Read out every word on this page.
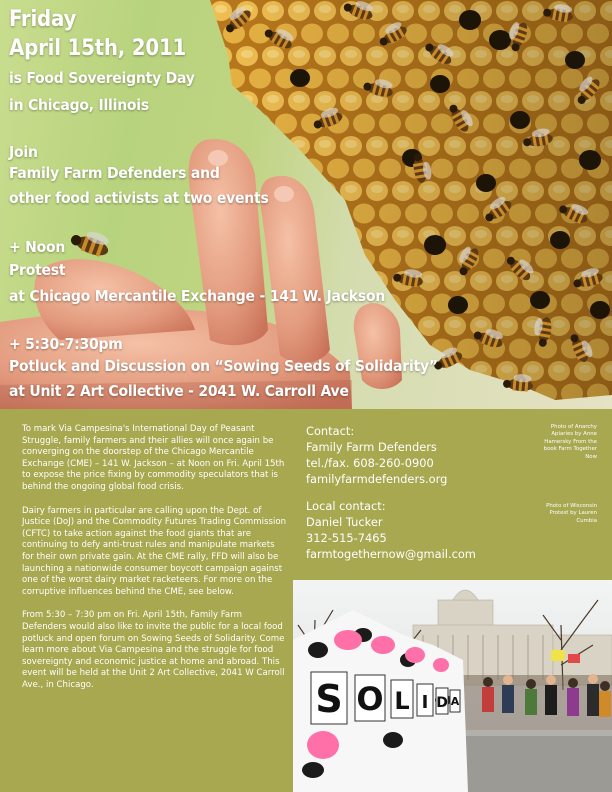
Friday
April 15th, 2011
is Food Sovereignty Day
in Chicago, Illinois
Join
Family Farm Defenders and
other food activists at two events
+ Noon
Protest
at Chicago Mercantile Exchange - 141 W. Jackson
+ 5:30-7:30pm
Potluck and Discussion on “Sowing Seeds of Solidarity”
at Unit 2 Art Collective - 2041 W. Carroll Ave

To mark Via Campesina's International Day of Peasant Struggle, family farmers and their allies will once again be converging on the doorstep of the Chicago Mercantile Exchange (CME) – 141 W. Jackson – at Noon on Fri. April 15th to expose the price fixing by commodity speculators that is behind the ongoing global food crisis.

Dairy farmers in particular are calling upon the Dept. of Justice (DoJ) and the Commodity Futures Trading Commission (CFTC) to take action against the food giants that are continuing to defy anti-trust rules and manipulate markets for their own private gain. At the CME rally, FFD will also be launching a nationwide consumer boycott campaign against one of the worst dairy market racketeers. For more on the corruptive influences behind the CME, see below.

From 5:30 – 7:30 pm on Fri. April 15th, Family Farm Defenders would also like to invite the public for a local food potluck and open forum on Sowing Seeds of Solidarity. Come learn more about Via Campesina and the struggle for food sovereignty and economic justice at home and abroad. This event will be held at the Unit 2 Art Collective, 2041 W Carroll Ave., in Chicago.

Contact:
Family Farm Defenders
tel./fax. 608-260-0900
familyfarmdefenders.org
Local contact:
Daniel Tucker
312-515-7465
farmtogethernow@gmail.com
Photo of Anarchy Apiaries by Anne Hamersky From the book Farm Together Now
Photo of Wisconsin Protest by Lauren Cumbia
S O L I D A
